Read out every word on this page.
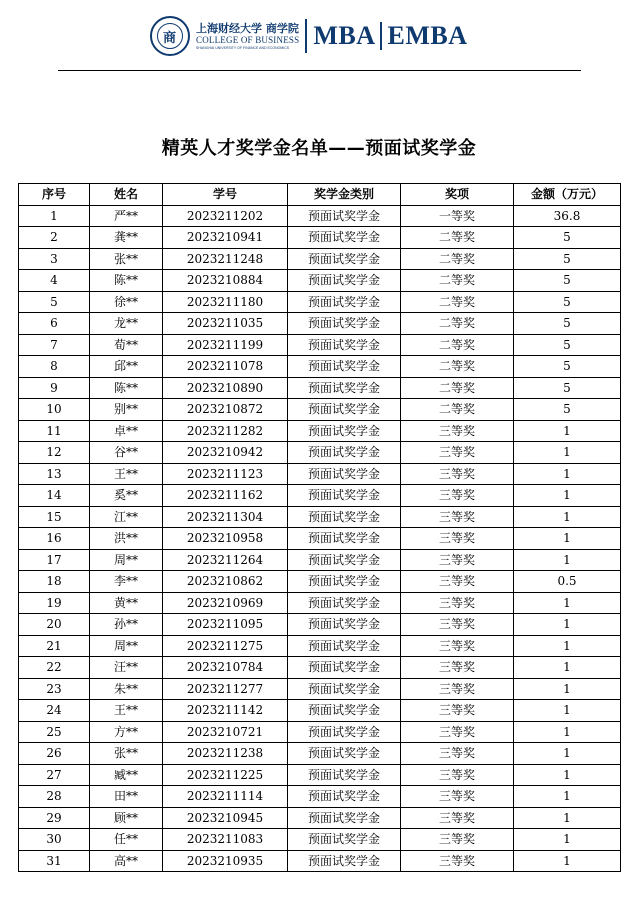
商
上海财经大学 商学院
COLLEGE OF BUSINESS
SHANGHAI UNIVERSITY OF FINANCE AND ECONOMICS MBA EMBA
精英人才奖学金名单——预面试奖学金
序号	姓名	学号	奖学金类别	奖项	金额（万元）
1	严**	2023211202	预面试奖学金	一等奖	36.8
2	龚**	2023210941	预面试奖学金	二等奖	5
3	张**	2023211248	预面试奖学金	二等奖	5
4	陈**	2023210884	预面试奖学金	二等奖	5
5	徐**	2023211180	预面试奖学金	二等奖	5
6	龙**	2023211035	预面试奖学金	二等奖	5
7	荀**	2023211199	预面试奖学金	二等奖	5
8	邱**	2023211078	预面试奖学金	二等奖	5
9	陈**	2023210890	预面试奖学金	二等奖	5
10	别**	2023210872	预面试奖学金	二等奖	5
11	卓**	2023211282	预面试奖学金	三等奖	1
12	谷**	2023210942	预面试奖学金	三等奖	1
13	王**	2023211123	预面试奖学金	三等奖	1
14	奚**	2023211162	预面试奖学金	三等奖	1
15	江**	2023211304	预面试奖学金	三等奖	1
16	洪**	2023210958	预面试奖学金	三等奖	1
17	周**	2023211264	预面试奖学金	三等奖	1
18	李**	2023210862	预面试奖学金	三等奖	0.5
19	黄**	2023210969	预面试奖学金	三等奖	1
20	孙**	2023211095	预面试奖学金	三等奖	1
21	周**	2023211275	预面试奖学金	三等奖	1
22	汪**	2023210784	预面试奖学金	三等奖	1
23	朱**	2023211277	预面试奖学金	三等奖	1
24	王**	2023211142	预面试奖学金	三等奖	1
25	方**	2023210721	预面试奖学金	三等奖	1
26	张**	2023211238	预面试奖学金	三等奖	1
27	臧**	2023211225	预面试奖学金	三等奖	1
28	田**	2023211114	预面试奖学金	三等奖	1
29	顾**	2023210945	预面试奖学金	三等奖	1
30	任**	2023211083	预面试奖学金	三等奖	1
31	高**	2023210935	预面试奖学金	三等奖	1
